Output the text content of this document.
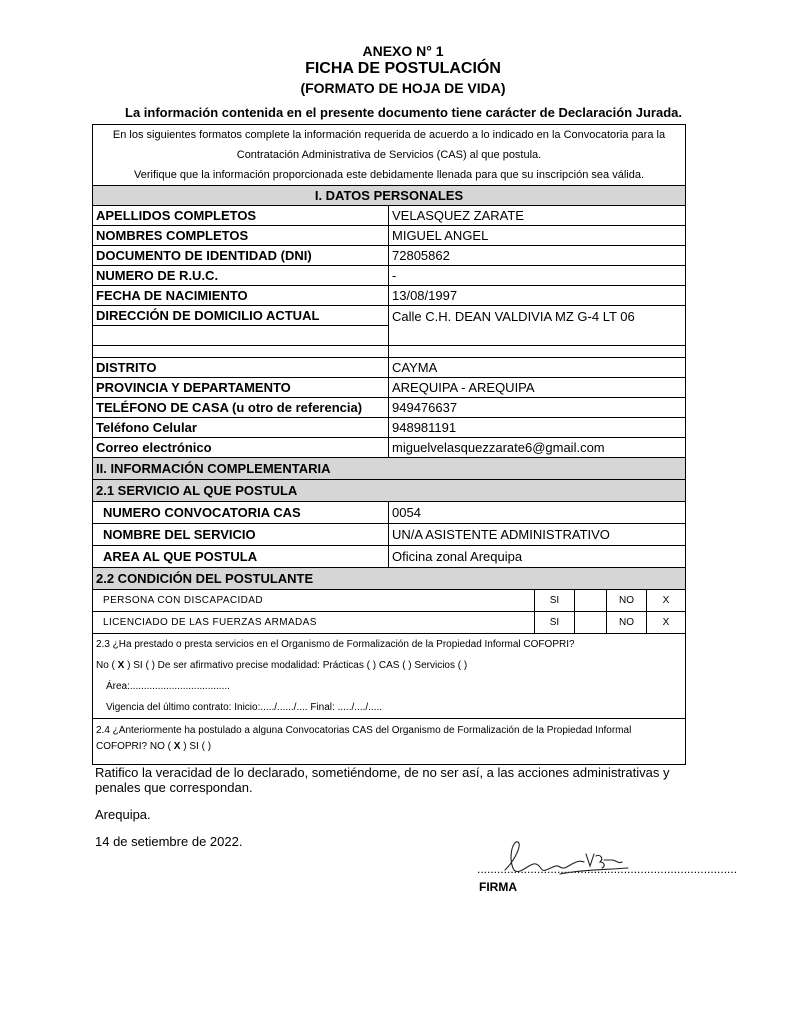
ANEXO N° 1
FICHA DE POSTULACIÓN
(FORMATO DE HOJA DE VIDA)
La información contenida en el presente documento tiene carácter de Declaración Jurada.
En los siguientes formatos complete la información requerida de acuerdo a lo indicado en la Convocatoria para la
Contratación Administrativa de Servicios (CAS) al que postula.
Verifique que la información proporcionada este debidamente llenada para que su inscripción sea válida.					

I. DATOS PERSONALES					
APELLIDOS COMPLETOS	VELASQUEZ ZARATE				
NOMBRES COMPLETOS	MIGUEL ANGEL				
DOCUMENTO DE IDENTIDAD (DNI)	72805862				
NUMERO DE R.U.C.	-				
FECHA DE NACIMIENTO	13/08/1997				
DIRECCIÓN DE DOMICILIO ACTUAL	Calle C.H. DEAN VALDIVIA MZ G-4 LT 06				

DISTRITO	CAYMA				
PROVINCIA Y DEPARTAMENTO	AREQUIPA - AREQUIPA				
TELÉFONO DE CASA (u otro de referencia)	949476637				
Teléfono Celular	948981191				
Correo electrónico	miguelvelasquezzarate6@gmail.com				
II. INFORMACIÓN COMPLEMENTARIA					
2.1 SERVICIO AL QUE POSTULA					
NUMERO CONVOCATORIA CAS	0054				
NOMBRE DEL SERVICIO	UN/A ASISTENTE ADMINISTRATIVO				
AREA AL QUE POSTULA	Oficina zonal Arequipa				
2.2 CONDICIÓN DEL POSTULANTE					
PERSONA CON DISCAPACIDAD		SI		NO	X
LICENCIADO DE LAS FUERZAS ARMADAS		SI		NO	X

2.3 ¿Ha prestado o presta servicios en el Organismo de Formalización de la Propiedad Informal COFOPRI?
No ( X ) SI ( ) De ser afirmativo precise modalidad: Prácticas ( ) CAS ( ) Servicios ( )
Área:....................................
Vigencia del último contrato: Inicio:...../....../.... Final: ...../..../.....					

2.4 ¿Anteriormente ha postulado a alguna Convocatorias CAS del Organismo de Formalización de la Propiedad Informal
COFOPRI? NO ( X ) SI ( )					
Ratifico la veracidad de lo declarado, sometiéndome, de no ser así, a las acciones administrativas y penales que correspondan.
Arequipa.
14 de setiembre de 2022.
..............................................................................
FIRMA
